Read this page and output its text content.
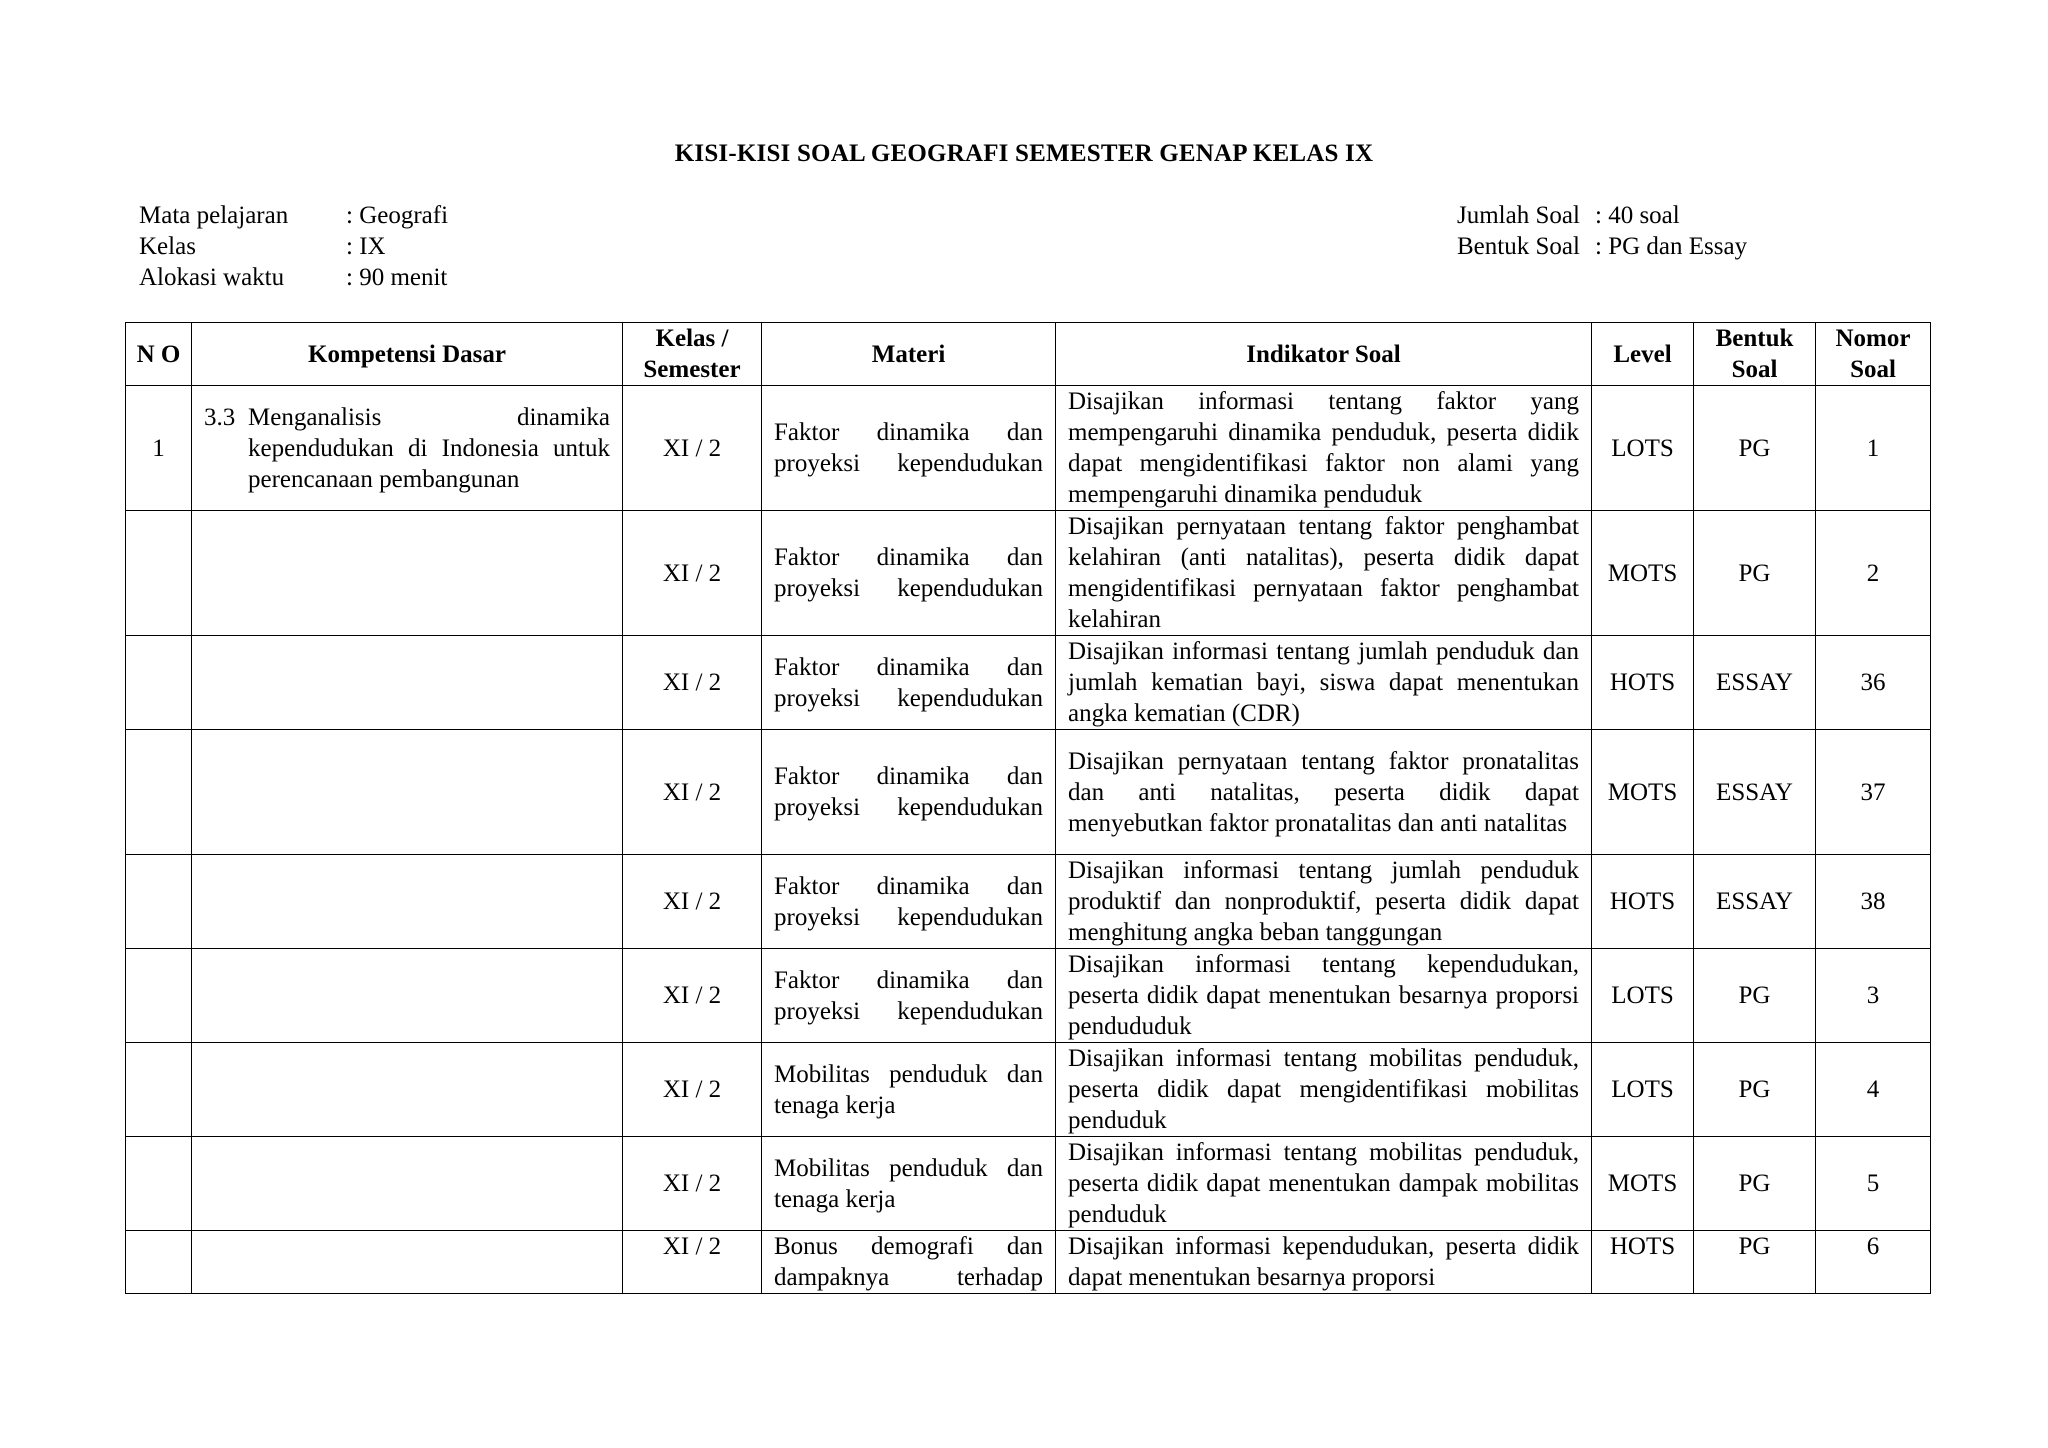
KISI-KISI SOAL GEOGRAFI SEMESTER GENAP KELAS IX
Mata pelajaran	: Geografi
Kelas	: IX
Alokasi waktu	: 90 menit
Jumlah Soal : 40 soal
Bentuk Soal : PG dan Essay
N O	Kompetensi Dasar	Kelas / Semester	Materi	Indikator Soal	Level	Bentuk Soal	Nomor Soal
1	3.3 Menganalisis dinamika kependudukan di Indonesia untuk perencanaan pembangunan	XI / 2	Faktor dinamika dan proyeksi kependudukan	Disajikan informasi tentang faktor yang mempengaruhi dinamika penduduk, peserta didik dapat mengidentifikasi faktor non alami yang mempengaruhi dinamika penduduk	LOTS	PG	1
		XI / 2	Faktor dinamika dan proyeksi kependudukan	Disajikan pernyataan tentang faktor penghambat kelahiran (anti natalitas), peserta didik dapat mengidentifikasi pernyataan faktor penghambat kelahiran	MOTS	PG	2
		XI / 2	Faktor dinamika dan proyeksi kependudukan	Disajikan informasi tentang jumlah penduduk dan jumlah kematian bayi, siswa dapat menentukan angka kematian (CDR)	HOTS	ESSAY	36
		XI / 2	Faktor dinamika dan proyeksi kependudukan	Disajikan pernyataan tentang faktor pronatalitas dan anti natalitas, peserta didik dapat menyebutkan faktor pronatalitas dan anti natalitas	MOTS	ESSAY	37
		XI / 2	Faktor dinamika dan proyeksi kependudukan	Disajikan informasi tentang jumlah penduduk produktif dan nonproduktif, peserta didik dapat menghitung angka beban tanggungan	HOTS	ESSAY	38
		XI / 2	Faktor dinamika dan proyeksi kependudukan	Disajikan informasi tentang kependudukan, peserta didik dapat menentukan besarnya proporsi pendududuk	LOTS	PG	3
		XI / 2	Mobilitas penduduk dan tenaga kerja	Disajikan informasi tentang mobilitas penduduk, peserta didik dapat mengidentifikasi mobilitas penduduk	LOTS	PG	4
		XI / 2	Mobilitas penduduk dan tenaga kerja	Disajikan informasi tentang mobilitas penduduk, peserta didik dapat menentukan dampak mobilitas penduduk	MOTS	PG	5
		XI / 2	Bonus demografi dan dampaknya terhadap	Disajikan informasi kependudukan, peserta didik dapat menentukan besarnya proporsi	HOTS	PG	6
